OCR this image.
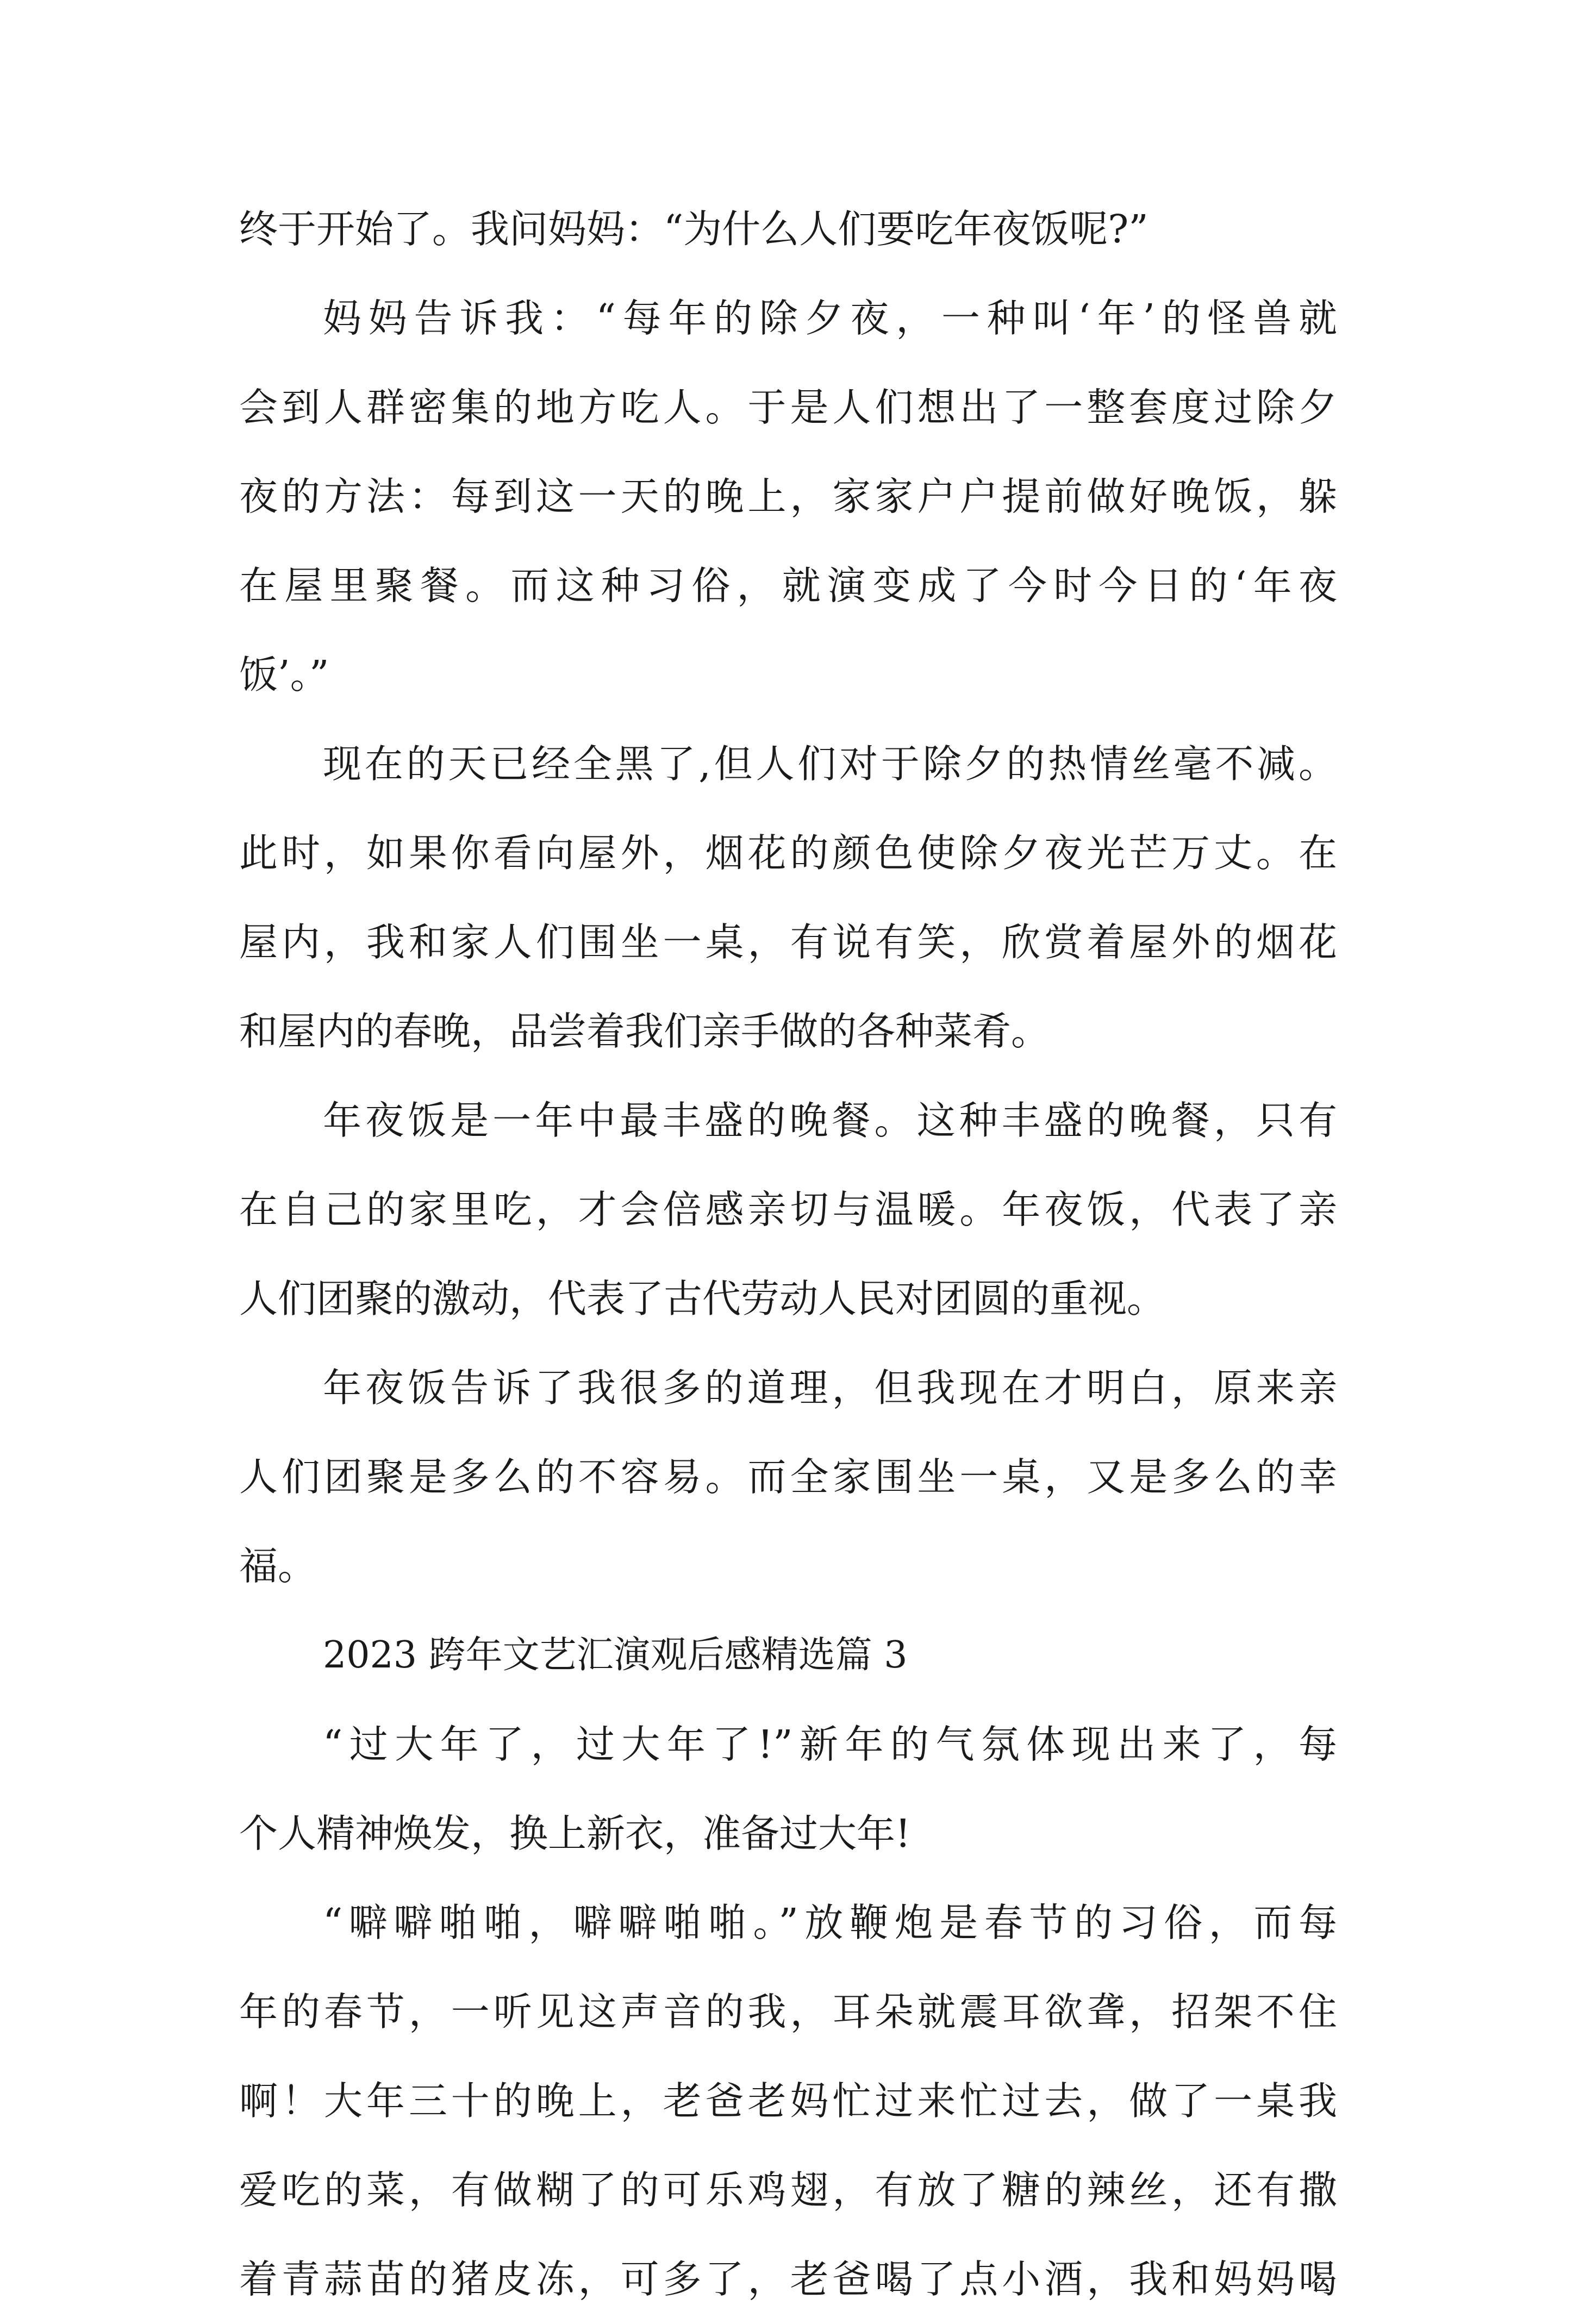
终于开始了。我问妈妈：“为什么人们要吃年夜饭呢?”
妈妈告诉我：“每年的除夕夜，一种叫‘年’的怪兽就
会到人群密集的地方吃人。于是人们想出了一整套度过除夕
夜的方法：每到这一天的晚上，家家户户提前做好晚饭，躲
在屋里聚餐。而这种习俗，就演变成了今时今日的‘年夜
饭’。”
现在的天已经全黑了,但人们对于除夕的热情丝毫不减。
此时，如果你看向屋外，烟花的颜色使除夕夜光芒万丈。在
屋内，我和家人们围坐一桌，有说有笑，欣赏着屋外的烟花
和屋内的春晚，品尝着我们亲手做的各种菜肴。
年夜饭是一年中最丰盛的晚餐。这种丰盛的晚餐，只有
在自己的家里吃，才会倍感亲切与温暖。年夜饭，代表了亲
人们团聚的激动，代表了古代劳动人民对团圆的重视。
年夜饭告诉了我很多的道理，但我现在才明白，原来亲
人们团聚是多么的不容易。而全家围坐一桌，又是多么的幸
福。
2023 跨年文艺汇演观后感精选篇 3
“过大年了，过大年了!”新年的气氛体现出来了，每
个人精神焕发，换上新衣，准备过大年!
“噼噼啪啪，噼噼啪啪。”放鞭炮是春节的习俗，而每
年的春节，一听见这声音的我，耳朵就震耳欲聋，招架不住
啊！大年三十的晚上，老爸老妈忙过来忙过去，做了一桌我
爱吃的菜，有做糊了的可乐鸡翅，有放了糖的辣丝，还有撒
着青蒜苗的猪皮冻，可多了，老爸喝了点小酒，我和妈妈喝
